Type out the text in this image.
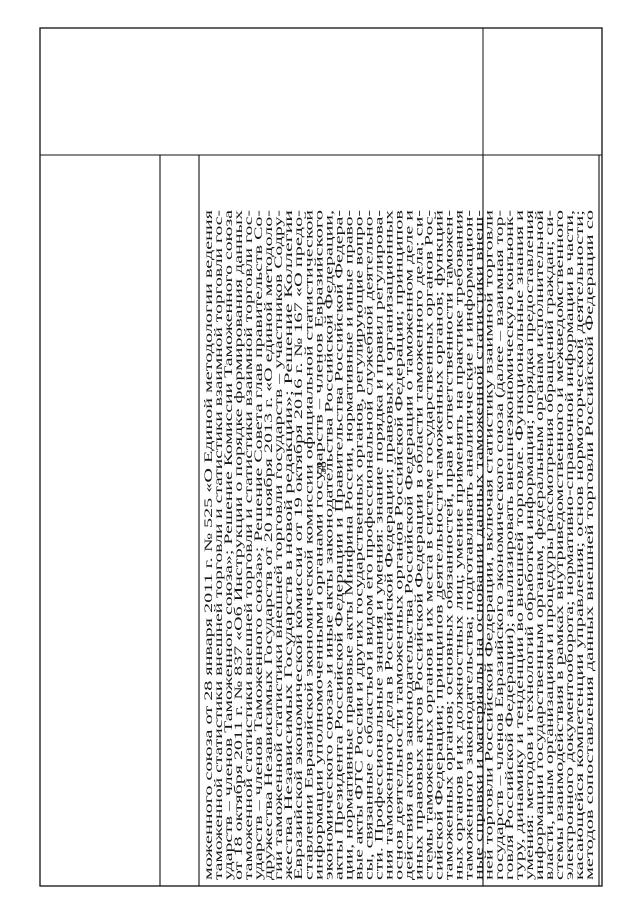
58
моженного союза от 28 января 2011 г. № 525 «О Единой методологии ведения
таможенной статистики внешней торговли и статистики взаимной торговли гос-
ударств – членов Таможенного союза»; Решение Комиссии Таможенного союза
от 18 октября 2011 г. № 837 «Об Инструкции о порядке формирования данных
таможенной статистики внешней торговли и статистики взаимной торговли гос-
ударств – членов Таможенного союза»; Решение Совета глав правительств Со-
дружества Независимых Государств от 20 ноября 2013 г. «О единой методоло-
гии таможенной статистики внешней торговли государств – участников Содру-
жества Независимых Государств в новой редакции»; Решение Коллегии
Евразийской экономической комиссии от 19 октября 2016 г. № 167 «О предо-
ставлении Евразийской экономической комиссии официальной статистической
информации уполномоченными органами государств – членов Евразийского
экономического союза» и иные акты законодательства Российской Федерации,
акты Президента Российской Федерации и Правительства Российской Федера-
ции, нормативные правовые акты Минфина России, нормативные и иные право-
вые акты ФТС России и других государственных органов, регулирующие вопро-
сы, связанные с областью и видом его профессиональной служебной деятельно-
сти. Профессиональные знания и умения: знание порядка и правил регулирова-
ния таможенного дела в Российской Федерации; правовых и организационных
основ деятельности таможенных органов Российской Федерации; принципов
действия актов законодательства Российской Федерации о таможенном деле и
иных правовых актов Российской Федерации в области таможенного дела; си-
стемы таможенных органов и их места в системе государственных органов Рос-
сийской Федерации; принципов деятельности таможенных органов; функций
таможенных органов; основных обязанностей, прав и ответственности таможен-
ных органов и их должностных лиц; умение применять на практике требования
таможенного законодательства; подготавливать аналитические и информацион-
ные справки и материалы на основании данных таможенной статистики внеш-
ней торговли Российской Федерации, включая статистику взаимной торговли
государств – членов Евразийского экономического союза (далее – взаимная тор-
говля Российской Федерации); анализировать внешнеэкономическую конъюнк-
туру, динамику и тенденции во внешней торговле. Функциональные знания и
умения: методов и технологий обработки информации; порядка предоставления
информации государственным органам, федеральным органам исполнительной
власти, иным организациям и процедуры рассмотрения обращений граждан; си-
стемы взаимодействия в рамках внутриведомственного и межведомственного
электронного документооборота; нормативно-справочной информации в части,
касающейся компетенции управления; основ нормоторческой деятельности;
методов сопоставления данных внешней торговли Российской Федерации со
